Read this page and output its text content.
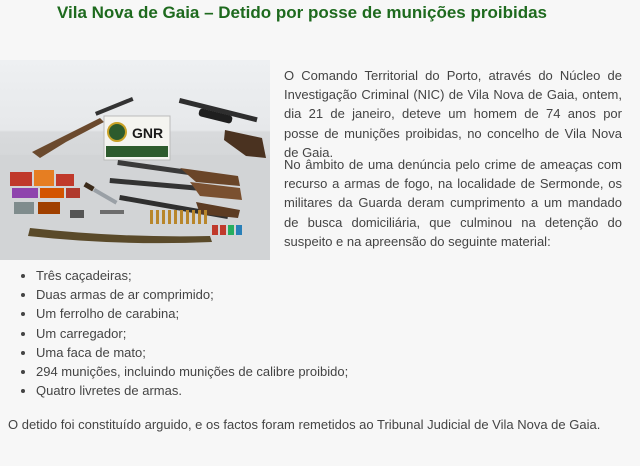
Vila Nova de Gaia – Detido por posse de munições proibidas
GNR

O Comando Territorial do Porto, através do Núcleo de Investigação Criminal (NIC) de Vila Nova de Gaia, ontem, dia 21 de janeiro, deteve um homem de 74 anos por posse de munições proibidas, no concelho de Vila Nova de Gaia.

No âmbito de uma denúncia pelo crime de ameaças com recurso a armas de fogo, na localidade de Sermonde, os militares da Guarda deram cumprimento a um mandado de busca domiciliária, que culminou na detenção do suspeito e na apreensão do seguinte material:

• Três caçadeiras;
• Duas armas de ar comprimido;
• Um ferrolho de carabina;
• Um carregador;
• Uma faca de mato;
• 294 munições, incluindo munições de calibre proibido;
• Quatro livretes de armas.

O detido foi constituído arguido, e os factos foram remetidos ao Tribunal Judicial de Vila Nova de Gaia.
